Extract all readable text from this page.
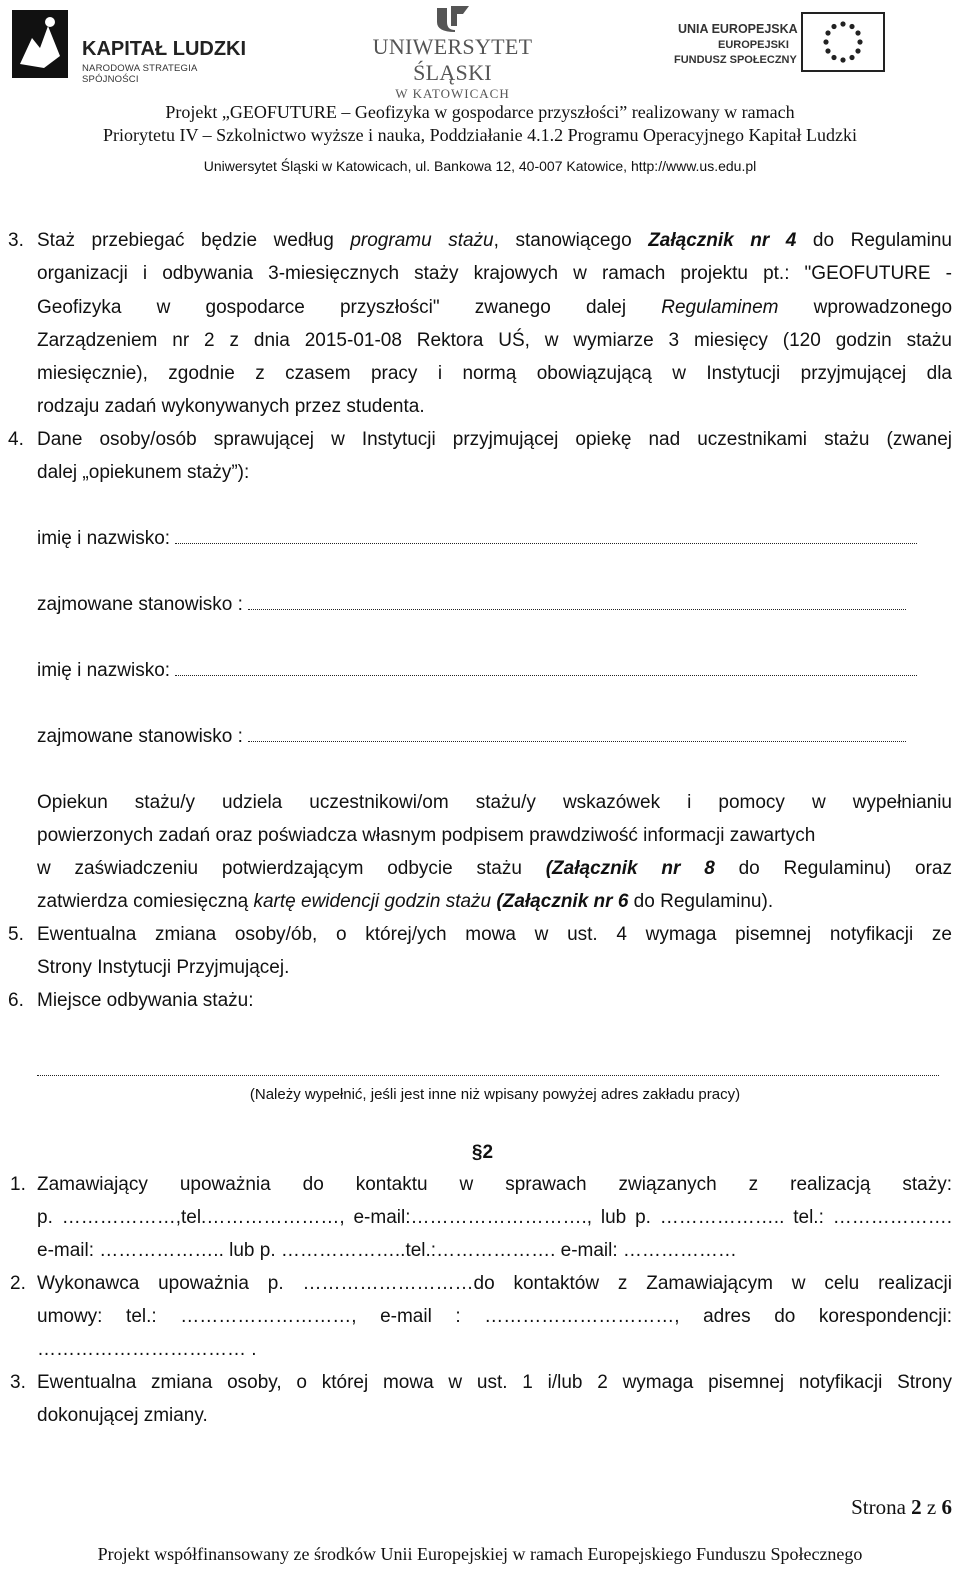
KAPITAŁ LUDZKI
NARODOWA STRATEGIA SPÓJNOŚCI
UNIWERSYTET ŚLĄSKI
W KATOWICACH
UNIA EUROPEJSKA
EUROPEJSKI
FUNDUSZ SPOŁECZNY
Projekt „GEOFUTURE – Geofizyka w gospodarce przyszłości” realizowany w ramach
Priorytetu IV – Szkolnictwo wyższe i nauka, Poddziałanie 4.1.2 Programu Operacyjnego Kapitał Ludzki
Uniwersytet Śląski w Katowicach, ul. Bankowa 12, 40-007 Katowice, http://www.us.edu.pl
3. Staż przebiegać będzie według programu stażu, stanowiącego Załącznik nr 4 do Regulaminu
organizacji i odbywania 3-miesięcznych staży krajowych w ramach projektu pt.: "GEOFUTURE -
Geofizyka w gospodarce przyszłości" zwanego dalej Regulaminem wprowadzonego
Zarządzeniem nr 2 z dnia 2015-01-08 Rektora UŚ, w wymiarze 3 miesięcy (120 godzin stażu
miesięcznie), zgodnie z czasem pracy i normą obowiązującą w Instytucji przyjmującej dla
rodzaju zadań wykonywanych przez studenta.
4. Dane osoby/osób sprawującej w Instytucji przyjmującej opiekę nad uczestnikami stażu (zwanej
dalej „opiekunem staży”):
imię i nazwisko:
zajmowane stanowisko :
imię i nazwisko:
zajmowane stanowisko :
Opiekun stażu/y udziela uczestnikowi/om stażu/y wskazówek i pomocy w wypełnianiu
powierzonych zadań oraz poświadcza własnym podpisem prawdziwość informacji zawartych
w zaświadczeniu potwierdzającym odbycie stażu (Załącznik nr 8 do Regulaminu) oraz
zatwierdza comiesięczną kartę ewidencji godzin stażu (Załącznik nr 6 do Regulaminu).
5. Ewentualna zmiana osoby/ób, o której/ych mowa w ust. 4 wymaga pisemnej notyfikacji ze
Strony Instytucji Przyjmującej.
6. Miejsce odbywania stażu:
(Należy wypełnić, jeśli jest inne niż wpisany powyżej adres zakładu pracy)
§2
1. Zamawiający upoważnia do kontaktu w sprawach związanych z realizacją staży:
p. ………………,tel.…………………, e-mail:………………………., lub p. ……………….. tel.: ……………….
e-mail: ……………….. lub p. ………………..tel.:………………. e-mail: ………………
2. Wykonawca upoważnia p. ………………………do kontaktów z Zamawiającym w celu realizacji
umowy: tel.: ………………………, e-mail : …………………………, adres do korespondencji:
…………………………… .
3. Ewentualna zmiana osoby, o której mowa w ust. 1 i/lub 2 wymaga pisemnej notyfikacji Strony
dokonującej zmiany.
Strona 2 z 6
Projekt współfinansowany ze środków Unii Europejskiej w ramach Europejskiego Funduszu Społecznego
